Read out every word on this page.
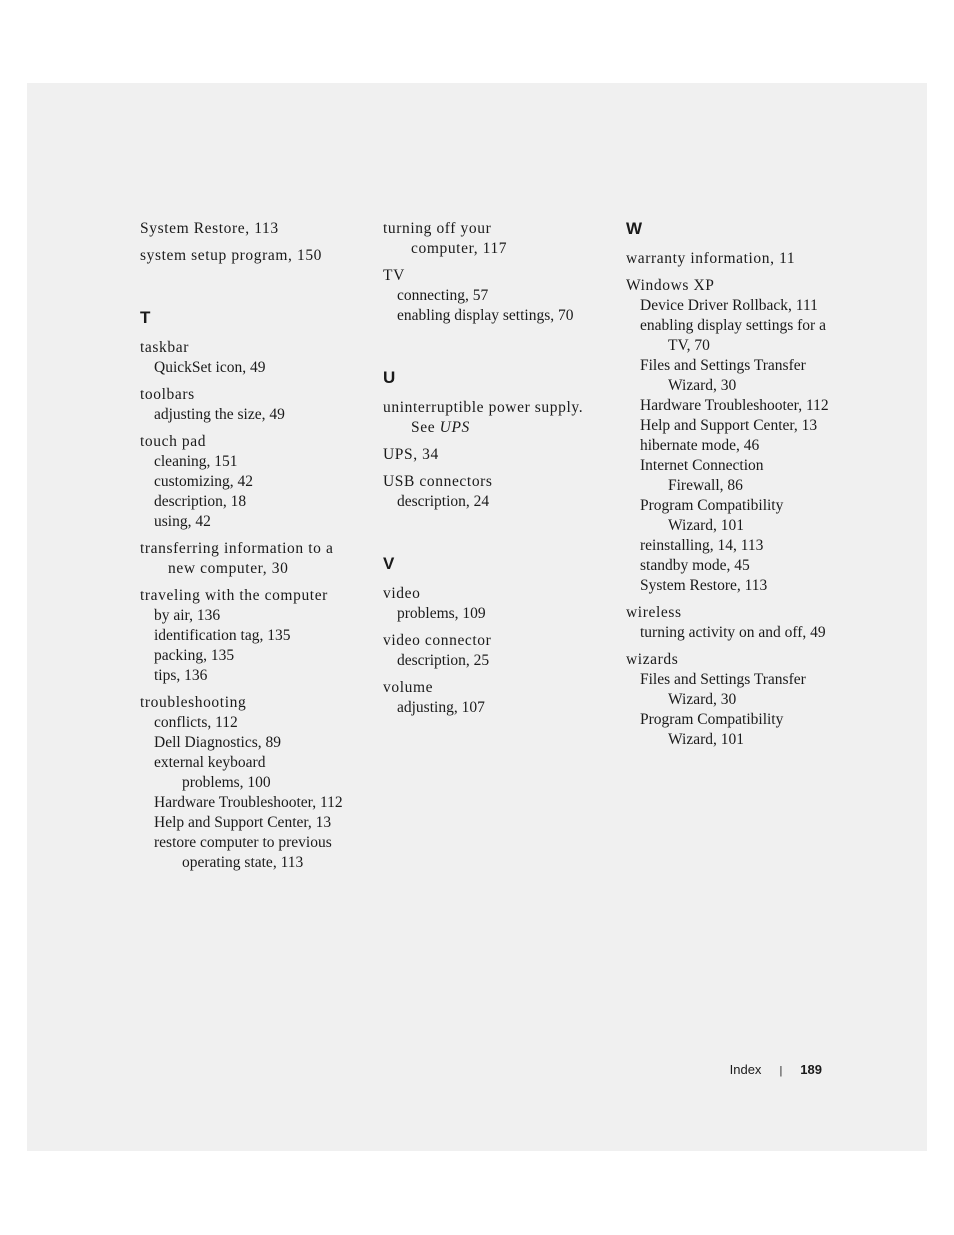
System Restore, 113
system setup program, 150
T
taskbar
QuickSet icon, 49
toolbars
adjusting the size, 49
touch pad
cleaning, 151
customizing, 42
description, 18
using, 42
transferring information to a
new computer, 30
traveling with the computer
by air, 136
identification tag, 135
packing, 135
tips, 136
troubleshooting
conflicts, 112
Dell Diagnostics, 89
external keyboard
problems, 100
Hardware Troubleshooter, 112
Help and Support Center, 13
restore computer to previous
operating state, 113
turning off your
computer, 117
TV
connecting, 57
enabling display settings, 70
U
uninterruptible power supply.
See UPS
UPS, 34
USB connectors
description, 24
V
video
problems, 109
video connector
description, 25
volume
adjusting, 107
W
warranty information, 11
Windows XP
Device Driver Rollback, 111
enabling display settings for a
TV, 70
Files and Settings Transfer
Wizard, 30
Hardware Troubleshooter, 112
Help and Support Center, 13
hibernate mode, 46
Internet Connection
Firewall, 86
Program Compatibility
Wizard, 101
reinstalling, 14, 113
standby mode, 45
System Restore, 113
wireless
turning activity on and off, 49
wizards
Files and Settings Transfer
Wizard, 30
Program Compatibility
Wizard, 101
Index | 189
